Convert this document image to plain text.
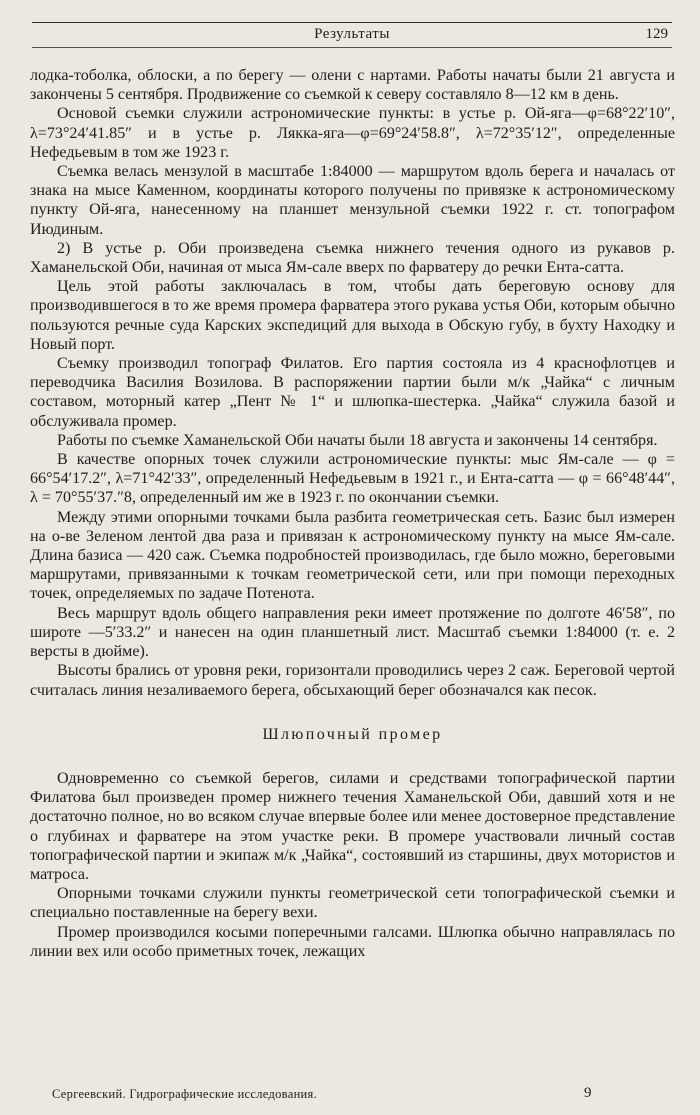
Результаты	129

лодка-тоболка, облоски, а по берегу — олени с нартами. Работы начаты были 21 августа и закончены 5 сентября. Продвижение со съемкой к северу составляло 8—12 км в день.

Основой съемки служили астрономические пункты: в устье р. Ой-яга—φ=68°22′10″, λ=73°24′41.85″ и в устье р. Лякка-яга—φ=69°24′58.8″, λ=72°35′12″, определенные Нефедьевым в том же 1923 г.

Съемка велась мензулой в масштабе 1:84000 — маршрутом вдоль берега и началась от знака на мысе Каменном, координаты которого получены по привязке к астрономическому пункту Ой-яга, нанесенному на планшет мензульной съемки 1922 г. ст. топографом Июдиным.

2) В устье р. Оби произведена съемка нижнего течения одного из рукавов р. Хаманельской Оби, начиная от мыса Ям-сале вверх по фарватеру до речки Ента-сатта.

Цель этой работы заключалась в том, чтобы дать береговую основу для производившегося в то же время промера фарватера этого рукава устья Оби, которым обычно пользуются речные суда Карских экспедиций для выхода в Обскую губу, в бухту Находку и Новый порт.

Съемку производил топограф Филатов. Его партия состояла из 4 краснофлотцев и переводчика Василия Возилова. В распоряжении партии были м/к „Чайка“ с личным составом, моторный катер „Пент № 1“ и шлюпка-шестерка. „Чайка“ служила базой и обслуживала промер.

Работы по съемке Хаманельской Оби начаты были 18 августа и закончены 14 сентября.

В качестве опорных точек служили астрономические пункты: мыс Ям-сале — φ = 66°54′17.2″, λ=71°42′33″, определенный Нефедьевым в 1921 г., и Ента-сатта — φ = 66°48′44″, λ = 70°55′37.″8, определенный им же в 1923 г. по окончании съемки.

Между этими опорными точками была разбита геометрическая сеть. Базис был измерен на о-ве Зеленом лентой два раза и привязан к астрономическому пункту на мысе Ям-сале. Длина базиса — 420 саж. Съемка подробностей производилась, где было можно, береговыми маршрутами, привязанными к точкам геометрической сети, или при помощи переходных точек, определяемых по задаче Потенота.

Весь маршрут вдоль общего направления реки имеет протяжение по долготе 46′58″, по широте —5′33.2″ и нанесен на один планшетный лист. Масштаб съемки 1:84000 (т. е. 2 версты в дюйме).

Высоты брались от уровня реки, горизонтали проводились через 2 саж. Береговой чертой считалась линия незаливаемого берега, обсыхающий берег обозначался как песок.

Шлюпочный промер

Одновременно со съемкой берегов, силами и средствами топографической партии Филатова был произведен промер нижнего течения Хаманельской Оби, давший хотя и не достаточно полное, но во всяком случае впервые более или менее достоверное представление о глубинах и фарватере на этом участке реки. В промере участвовали личный состав топографической партии и экипаж м/к „Чайка“, состоявший из старшины, двух мотористов и матроса.

Опорными точками служили пункты геометрической сети топографической съемки и специально поставленные на берегу вехи.

Промер производился косыми поперечными галсами. Шлюпка обычно направлялась по линии вех или особо приметных точек, лежащих

Сергеевский. Гидрографические исследования.	9
